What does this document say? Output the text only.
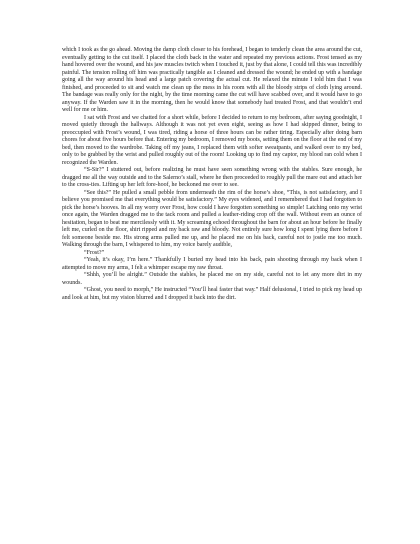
which I took as the go ahead. Moving the damp cloth closer to his forehead, I began to tenderly clean the area around the cut, eventually getting to the cut itself. I placed the cloth back in the water and repeated my previous actions. Frost tensed as my hand hovered over the wound, and his jaw muscles twitch when I touched it, just by that alone, I could tell this was incredibly painful. The tension rolling off him was practically tangible as I cleaned and dressed the wound; he ended up with a bandage going all the way around his head and a large patch covering the actual cut. He relaxed the minute I told him that I was finished, and proceeded to sit and watch me clean up the mess in his room with all the bloody strips of cloth lying around. The bandage was really only for the night, by the time morning came the cut will have scabbed over, and it would have to go anyway. If the Warden saw it in the morning, then he would know that somebody had treated Frost, and that wouldn’t end well for me or him.

I sat with Frost and we chatted for a short while, before I decided to return to my bedroom, after saying goodnight, I moved quietly through the hallways. Although it was not yet even eight, seeing as how I had skipped dinner, being to preoccupied with Frost’s wound, I was tired, riding a horse of three hours can be rather tiring. Especially after doing barn chores for about five hours before that. Entering my bedroom, I removed my boots, setting them on the floor at the end of my bed, then moved to the wardrobe. Taking off my jeans, I replaced them with softer sweatpants, and walked over to my bed, only to be grabbed by the wrist and pulled roughly out of the room! Looking up to find my captor, my blood ran cold when I recognized the Warden.

“S-Sir?” I stuttered out, before realizing he must have seen something wrong with the stables. Sure enough, he dragged me all the way outside and to the Salerno’s stall, where he then proceeded to roughly pull the mare out and attach her to the cross-ties. Lifting up her left fore-hoof, he beckoned me over to see.

“See this?” He pulled a small pebble from underneath the rim of the horse’s shoe, “This, is not satisfactory, and I believe you promised me that everything would be satisfactory.” My eyes widened, and I remembered that I had forgotten to pick the horse’s hooves. In all my worry over Frost, how could I have forgotten something so simple! Latching onto my wrist once again, the Warden dragged me to the tack room and pulled a leather-riding crop off the wall. Without even an ounce of hesitation, began to beat me mercilessly with it. My screaming echoed throughout the barn for about an hour before he finally left me, curled on the floor, shirt ripped and my back raw and bloody. Not entirely sure how long I spent lying there before I felt someone beside me. His strong arms pulled me up, and he placed me on his back, careful not to jostle me too much. Walking through the barn, I whispered to him, my voice barely audible,

“Frost?”

“Yeah, it’s okay, I’m here.” Thankfully I buried my head into his back, pain shooting through my back when I attempted to move my arms, I felt a whimper escape my raw throat.

“Shhh, you’ll be alright.” Outside the stables, he placed me on my side, careful not to let any more dirt in my wounds.

“Ghost, you need to morph,” He instructed “You’ll heal faster that way.” Half delusional, I tried to pick my head up and look at him, but my vision blurred and I dropped it back into the dirt.
